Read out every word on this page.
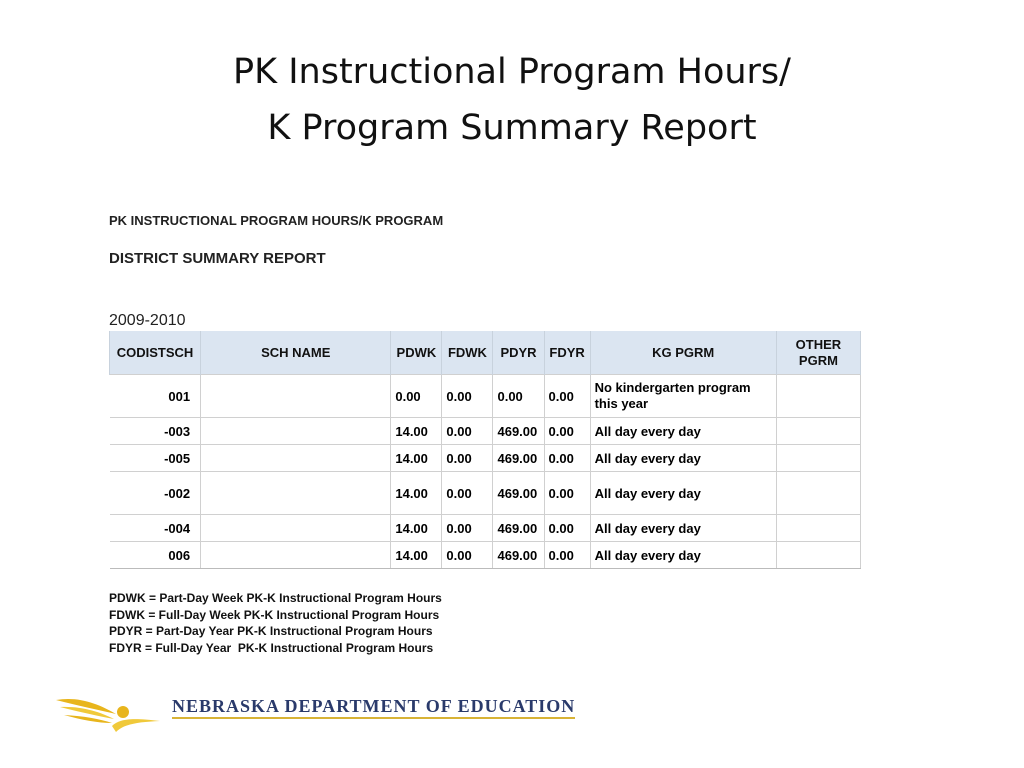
PK Instructional Program Hours/
K Program Summary Report
PK INSTRUCTIONAL PROGRAM HOURS/K PROGRAM
DISTRICT SUMMARY REPORT
2009-2010
CODISTSCH	SCH NAME	PDWK	FDWK	PDYR	FDYR	KG PGRM	OTHER PGRM
001		0.00	0.00	0.00	0.00	No kindergarten program this year	
-003		14.00	0.00	469.00	0.00	All day every day	
-005		14.00	0.00	469.00	0.00	All day every day	
-002		14.00	0.00	469.00	0.00	All day every day	
-004		14.00	0.00	469.00	0.00	All day every day	
006		14.00	0.00	469.00	0.00	All day every day	
PDWK = Part-Day Week PK-K Instructional Program Hours
FDWK = Full-Day Week PK-K Instructional Program Hours
PDYR = Part-Day Year PK-K Instructional Program Hours
FDYR = Full-Day Year  PK-K Instructional Program Hours
NEBRASKA DEPARTMENT OF EDUCATION
